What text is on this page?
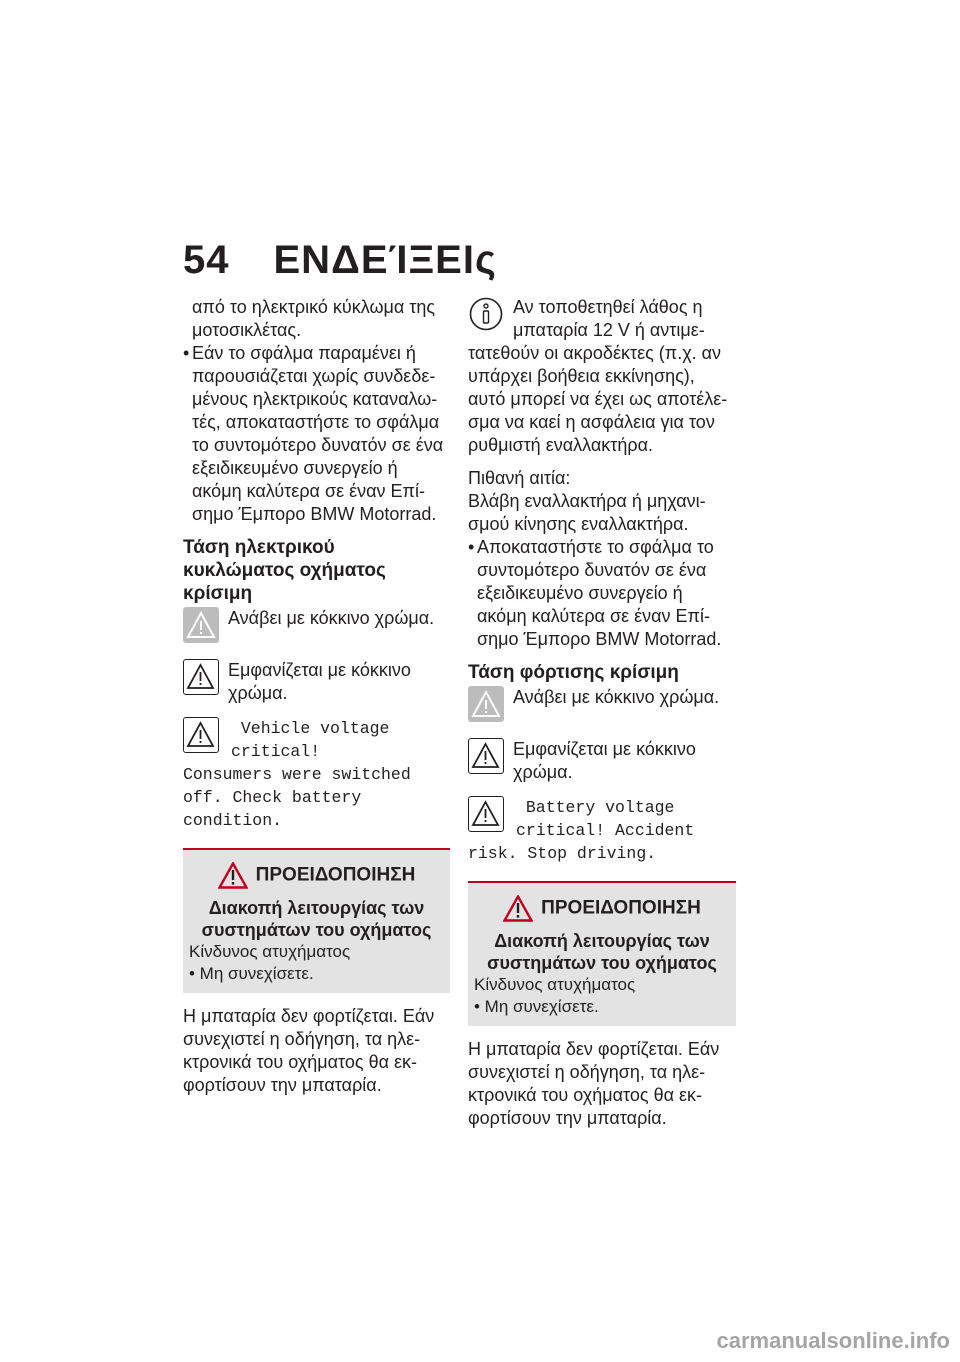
54 ΕΝΔΕΊΞΕΙς

από το ηλεκτρικό κύκλωμα της μοτοσικλέτας.

• Εάν το σφάλμα παραμένει ή παρουσιάζεται χωρίς συνδεδε-μένους ηλεκτρικούς καταναλω-τές, αποκαταστήστε το σφάλμα το συντομότερο δυνατόν σε ένα εξειδικευμένο συνεργείο ή ακόμη καλύτερα σε έναν Επί-σημο Έμπορο BMW Motorrad.

Τάση ηλεκτρικού κυκλώματος οχήματος κρίσιμη

Ανάβει με κόκκινο χρώμα.
Εμφανίζεται με κόκκινο χρώμα.
Vehicle voltage
critical!
Consumers were switched off. Check battery condition.
ΠΡΟΕΙΔΟΠΟΙΗΣΗ
Διακοπή λειτουργίας των συστημάτων του οχήματος
Κίνδυνος ατυχήματος
• Μη συνεχίσετε.

Η μπαταρία δεν φορτίζεται. Εάν συνεχιστεί η οδήγηση, τα ηλε-κτρονικά του οχήματος θα εκ-φορτίσουν την μπαταρία.

Αν τοποθετηθεί λάθος η
μπαταρία 12 V ή αντιμε-

τατεθούν οι ακροδέκτες (π.χ. αν υπάρχει βοήθεια εκκίνησης), αυτό μπορεί να έχει ως αποτέλε-σμα να καεί η ασφάλεια για τον ρυθμιστή εναλλακτήρα.

Πιθανή αιτία:

Βλάβη εναλλακτήρα ή μηχανι-σμού κίνησης εναλλακτήρα.

• Αποκαταστήστε το σφάλμα το συντομότερο δυνατόν σε ένα εξειδικευμένο συνεργείο ή ακόμη καλύτερα σε έναν Επί-σημο Έμπορο BMW Motorrad.

Τάση φόρτισης κρίσιμη

Ανάβει με κόκκινο χρώμα.
Εμφανίζεται με κόκκινο χρώμα.
Battery voltage
critical! Accident
risk. Stop driving.
ΠΡΟΕΙΔΟΠΟΙΗΣΗ
Διακοπή λειτουργίας των συστημάτων του οχήματος
Κίνδυνος ατυχήματος
• Μη συνεχίσετε.

Η μπαταρία δεν φορτίζεται. Εάν συνεχιστεί η οδήγηση, τα ηλε-κτρονικά του οχήματος θα εκ-φορτίσουν την μπαταρία.

carmanualsonline.info
